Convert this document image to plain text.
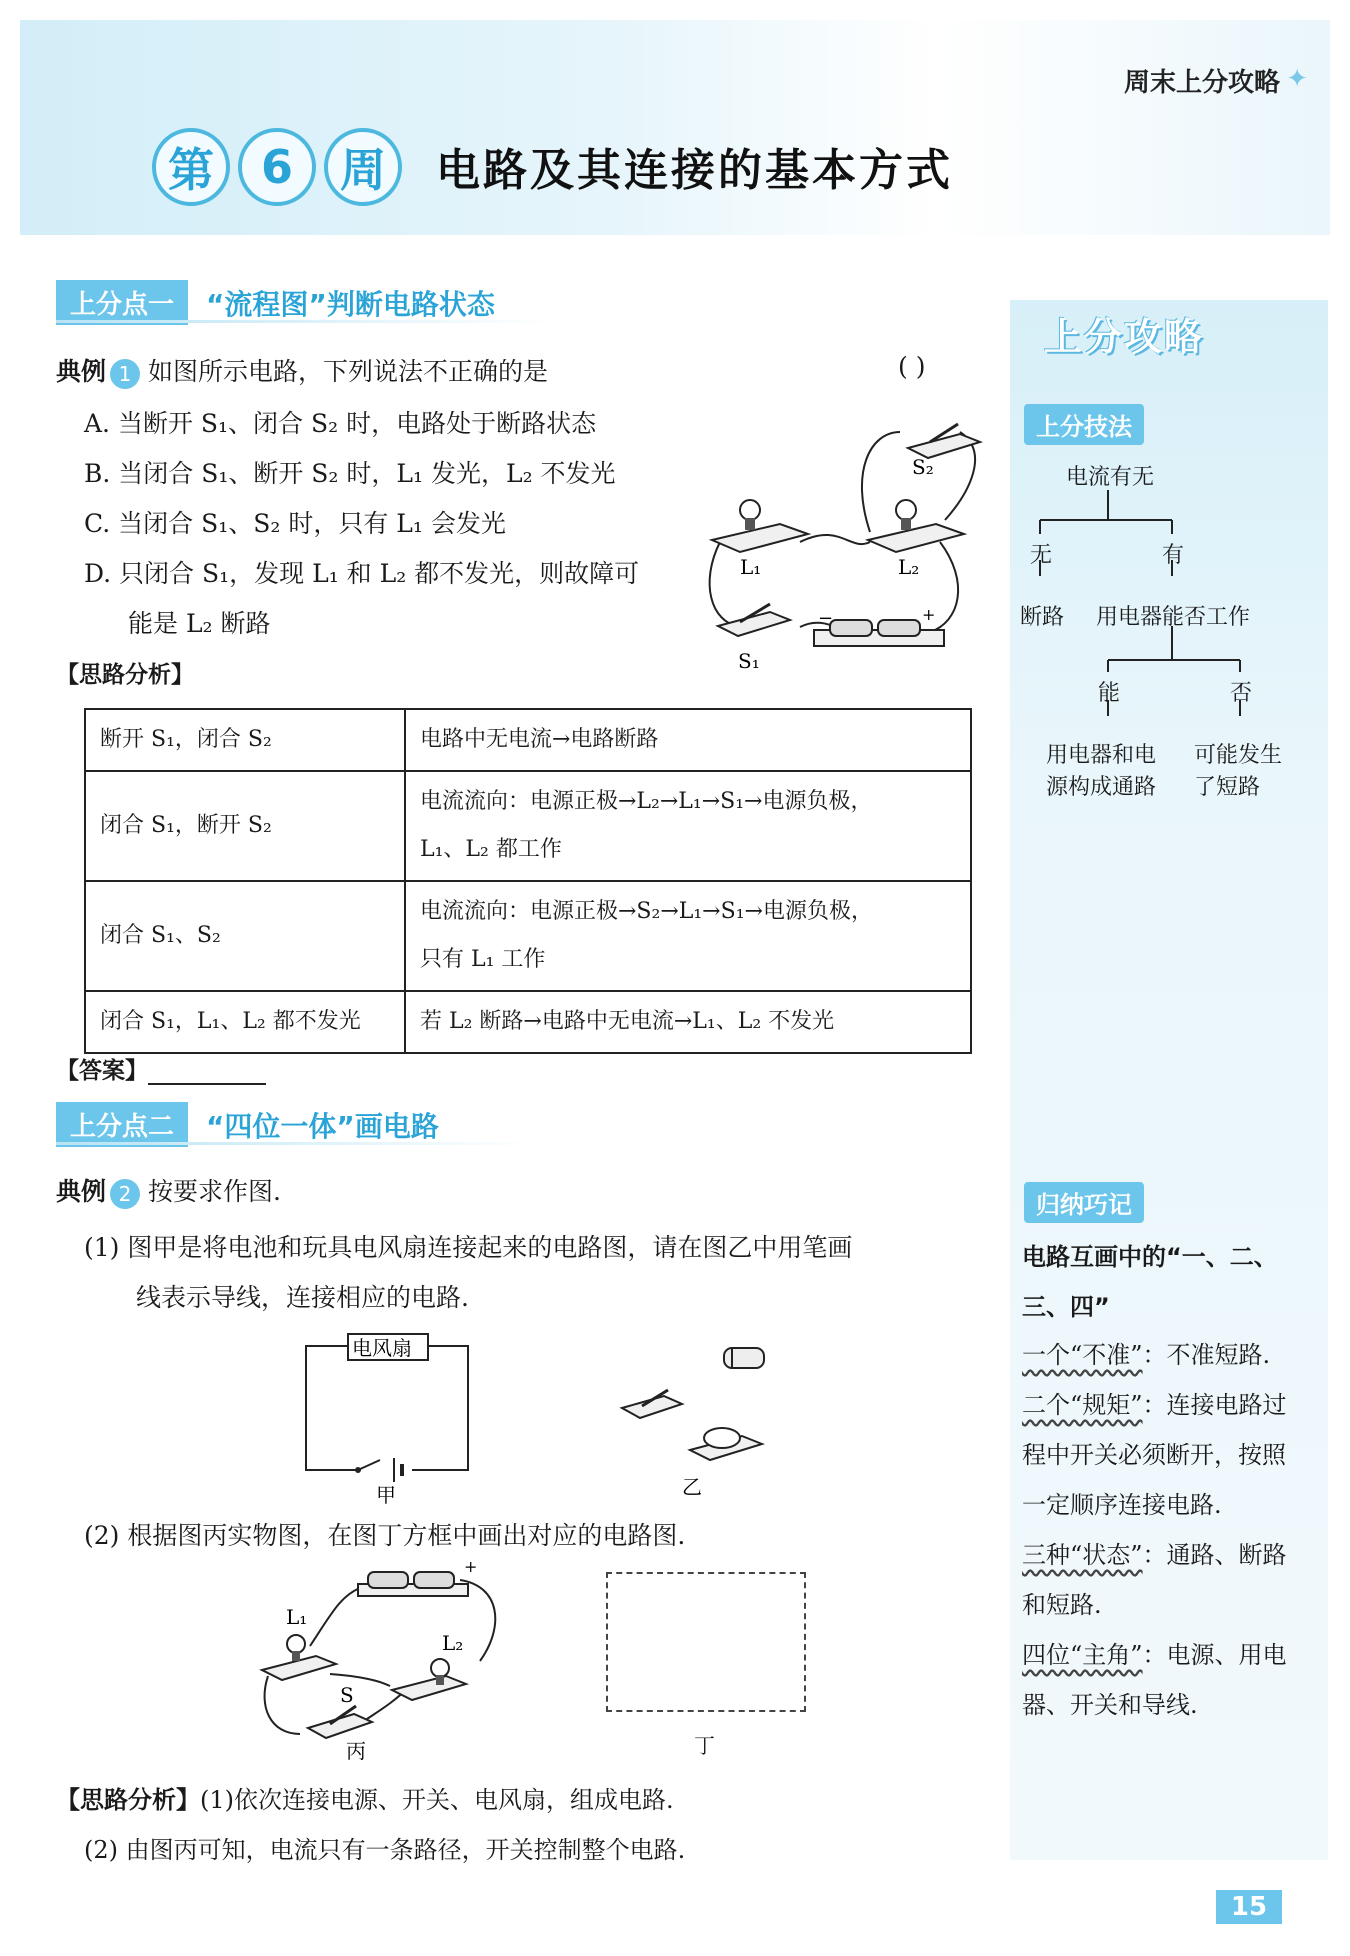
周末上分攻略 ✦
第	6	周	电路及其连接的基本方式
上分点一	“流程图”判断电路状态
典例 1 如图所示电路，下列说法不正确的是	( )
A. 当断开 S₁、闭合 S₂ 时，电路处于断路状态
B. 当闭合 S₁、断开 S₂ 时，L₁ 发光，L₂ 不发光
C. 当闭合 S₁、S₂ 时，只有 L₁ 会发光
D. 只闭合 S₁，发现 L₁ 和 L₂ 都不发光，则故障可
能是 L₂ 断路
S₂
L₁	L₂
S₁
−	+
【思路分析】
断开 S₁，闭合 S₂	电路中无电流→电路断路

闭合 S₁，断开 S₂	电流流向：电源正极→L₂→L₁→S₁→电源负极，
L₁、L₂ 都工作

闭合 S₁、S₂	电流流向：电源正极→S₂→L₁→S₁→电源负极，
只有 L₁ 工作

闭合 S₁，L₁、L₂ 都不发光	若 L₂ 断路→电路中无电流→L₁、L₂ 不发光
【答案】
上分点二	“四位一体”画电路
典例 2 按要求作图.
(1) 图甲是将电池和玩具电风扇连接起来的电路图，请在图乙中用笔画
线表示导线，连接相应的电路.
电风扇
甲	乙
(2) 根据图丙实物图，在图丁方框中画出对应的电路图.
L₁
L₂
S
+
丙	丁
【思路分析】(1)依次连接电源、开关、电风扇，组成电路.
(2) 由图丙可知，电流只有一条路径，开关控制整个电路.
上分攻略
上分技法
电流有无
无	有
断路 用电器能否工作
能	否
用电器和电
源构成通路
可能发生
了短路
归纳巧记
电路互画中的“一、二、三、四”

一个“不准”：不准短路.

二个“规矩”：连接电路过程中开关必须断开，按照一定顺序连接电路.

三种“状态”：通路、断路和短路.

四位“主角”：电源、用电器、开关和导线.

15
